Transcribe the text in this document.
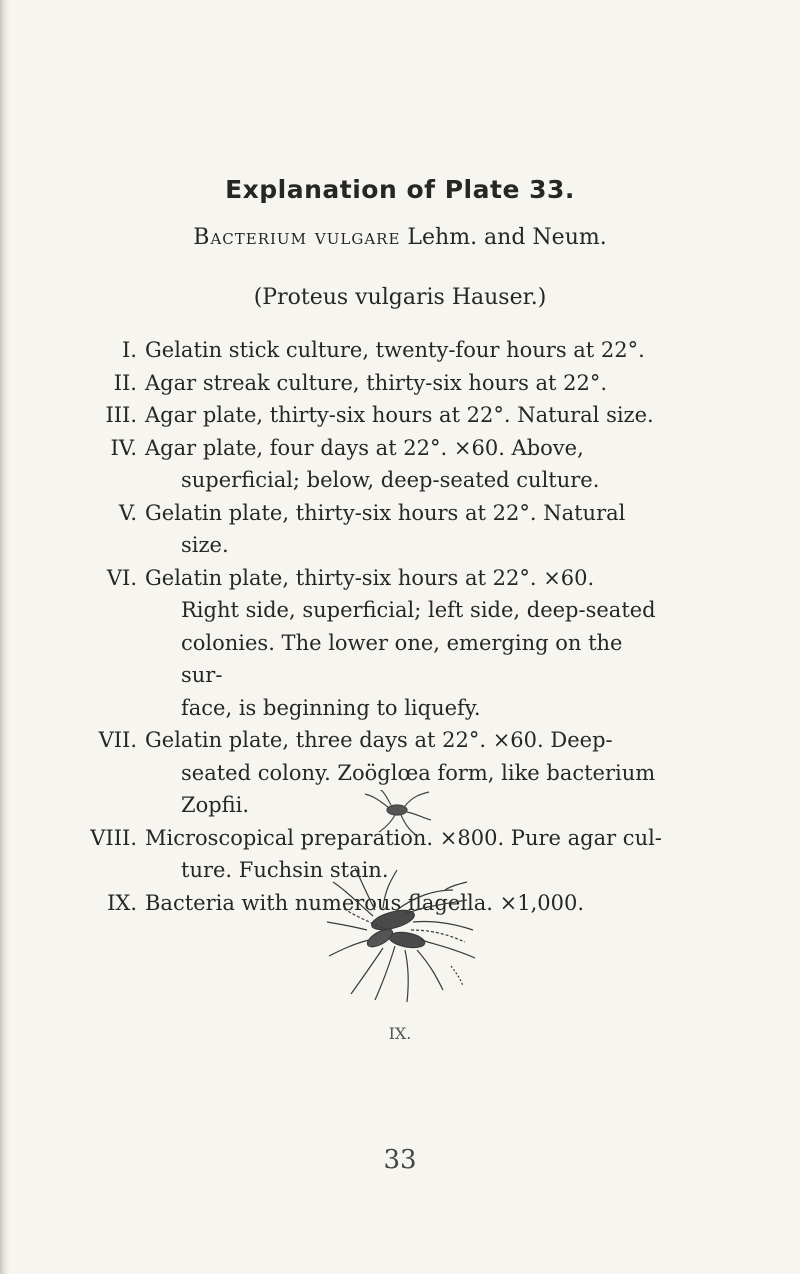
Explanation of Plate 33.
Bacterium vulgare Lehm. and Neum.
(Proteus vulgaris Hauser.)
I. Gelatin stick culture, twenty-four hours at 22°.
II. Agar streak culture, thirty-six hours at 22°.
III. Agar plate, thirty-six hours at 22°. Natural size.
IV. Agar plate, four days at 22°. ×60. Above,
superficial; below, deep-seated culture.
V. Gelatin plate, thirty-six hours at 22°. Natural
size.
VI. Gelatin plate, thirty-six hours at 22°. ×60.
Right side, superficial; left side, deep-seated
colonies. The lower one, emerging on the sur-
face, is beginning to liquefy.
VII. Gelatin plate, three days at 22°. ×60. Deep-
seated colony. Zoöglœa form, like bacterium
Zopfii.
VIII. Microscopical preparation. ×800. Pure agar cul-
ture. Fuchsin stain.
IX. Bacteria with numerous flagella. ×1,000.
IX.
33
